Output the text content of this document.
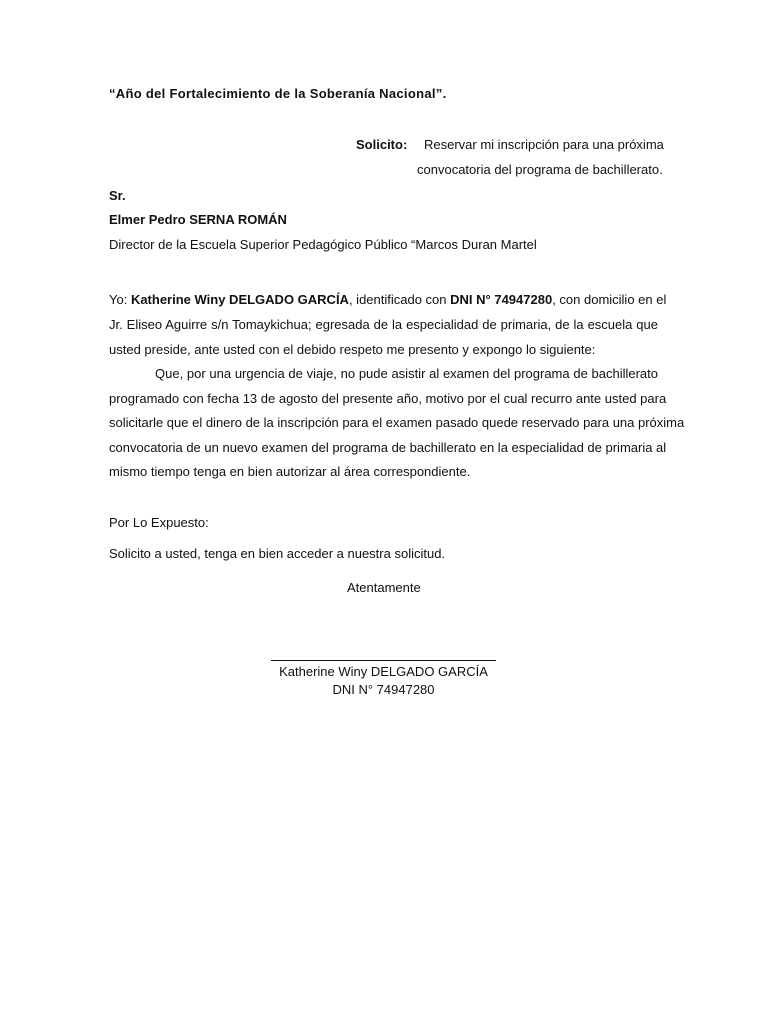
“Año del Fortalecimiento de la Soberanía Nacional”.
Solicito: Reservar mi inscripción para una próxima
convocatoria del programa de bachillerato.
Sr.
Elmer Pedro SERNA ROMÁN
Director de la Escuela Superior Pedagógico Público “Marcos Duran Martel
Yo: Katherine Winy DELGADO GARCÍA, identificado con DNI N° 74947280, con domicilio en el
Jr. Eliseo Aguirre s/n Tomaykichua; egresada de la especialidad de primaria, de la escuela que
usted preside, ante usted con el debido respeto me presento y expongo lo siguiente:
Que, por una urgencia de viaje, no pude asistir al examen del programa de bachillerato
programado con fecha 13 de agosto del presente año, motivo por el cual recurro ante usted para
solicitarle que el dinero de la inscripción para el examen pasado quede reservado para una próxima
convocatoria de un nuevo examen del programa de bachillerato en la especialidad de primaria al
mismo tiempo tenga en bien autorizar al área correspondiente.
Por Lo Expuesto:
Solicito a usted, tenga en bien acceder a nuestra solicitud.
Atentamente
Katherine Winy DELGADO GARCÍA
DNI N° 74947280
